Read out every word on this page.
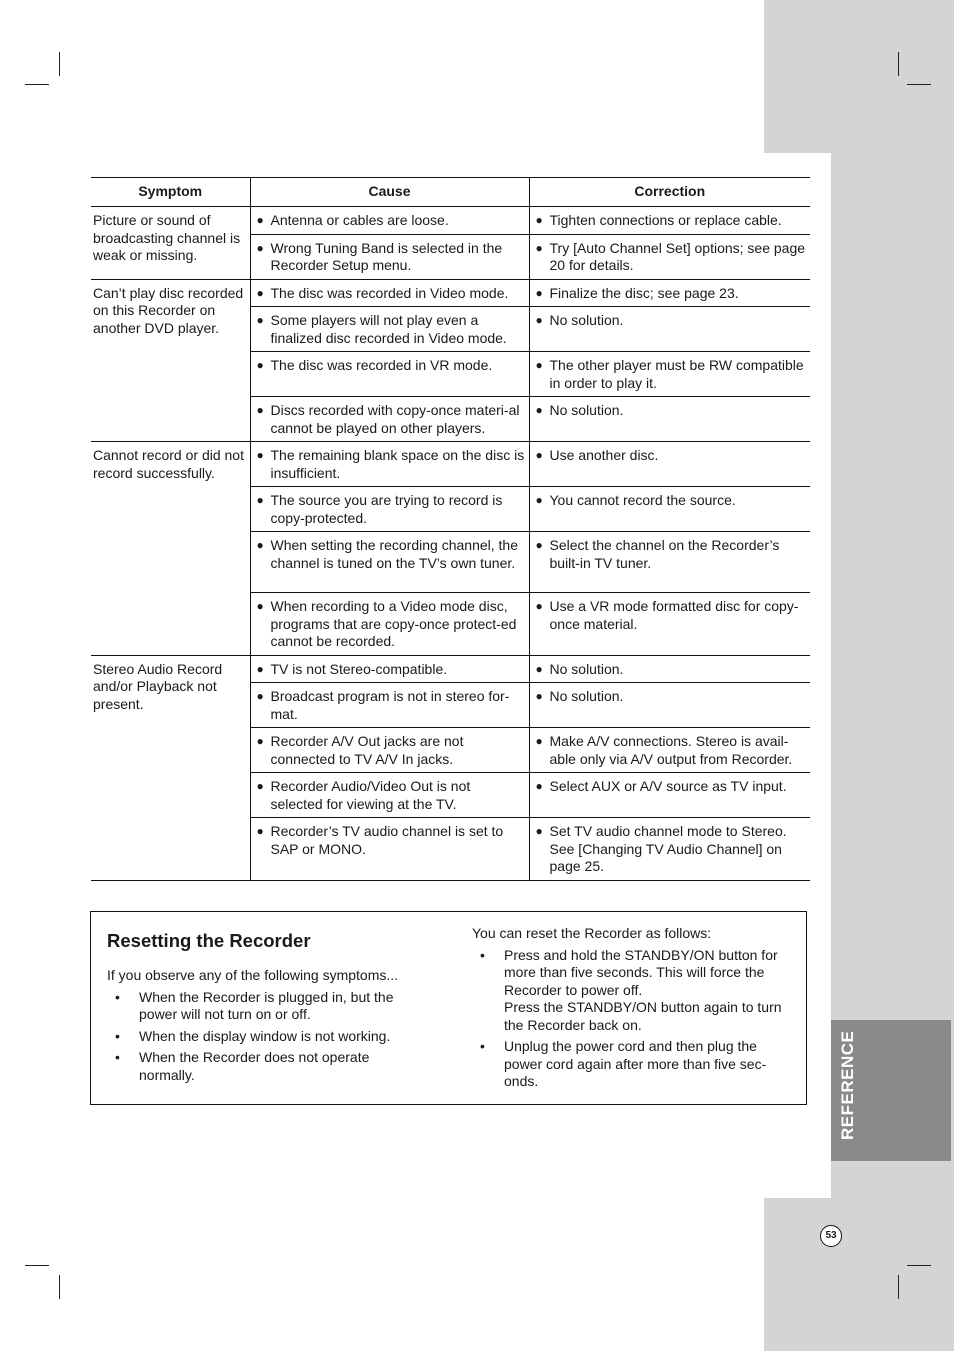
REFERENCE
53
Symptom	Cause	Correction
Picture or sound of broadcasting channel is weak or missing.	● Antenna or cables are loose.	● Tighten connections or replace cable.

	● Wrong Tuning Band is selected in the Recorder Setup menu.	● Try [Auto Channel Set] options; see page 20 for details.

Can’t play disc recorded on this Recorder on another DVD player.	● The disc was recorded in Video mode.	● Finalize the disc; see page 23.

	● Some players will not play even a finalized disc recorded in Video mode.	● No solution.

	● The disc was recorded in VR mode.	● The other player must be RW compatible in order to play it.

	● Discs recorded with copy-once materi-al cannot be played on other players.	● No solution.

Cannot record or did not record successfully.	● The remaining blank space on the disc is insufficient.	● Use another disc.

	● The source you are trying to record is copy-protected.	● You cannot record the source.

	● When setting the recording channel, the channel is tuned on the TV’s own tuner.	● Select the channel on the Recorder’s built-in TV tuner.

	● When recording to a Video mode disc, programs that are copy-once protect-ed cannot be recorded.	● Use a VR mode formatted disc for copy-once material.

Stereo Audio Record and/or Playback not present.	● TV is not Stereo-compatible.	● No solution.

	● Broadcast program is not in stereo for-mat.	● No solution.

	● Recorder A/V Out jacks are not connected to TV A/V In jacks.	● Make A/V connections. Stereo is avail-able only via A/V output from Recorder.

	● Recorder Audio/Video Out is not selected for viewing at the TV.	● Select AUX or A/V source as TV input.

	● Recorder’s TV audio channel is set to SAP or MONO.	● Set TV audio channel mode to Stereo. See [Changing TV Audio Channel] on page 25.
Resetting the Recorder
If you observe any of the following symptoms...
•	When the Recorder is plugged in, but the power will not turn on or off.
•	When the display window is not working.
•	When the Recorder does not operate normally.
You can reset the Recorder as follows:
•	Press and hold the STANDBY/ON button for more than five seconds. This will force the Recorder to power off.
Press the STANDBY/ON button again to turn the Recorder back on.
•	Unplug the power cord and then plug the power cord again after more than five sec-onds.
